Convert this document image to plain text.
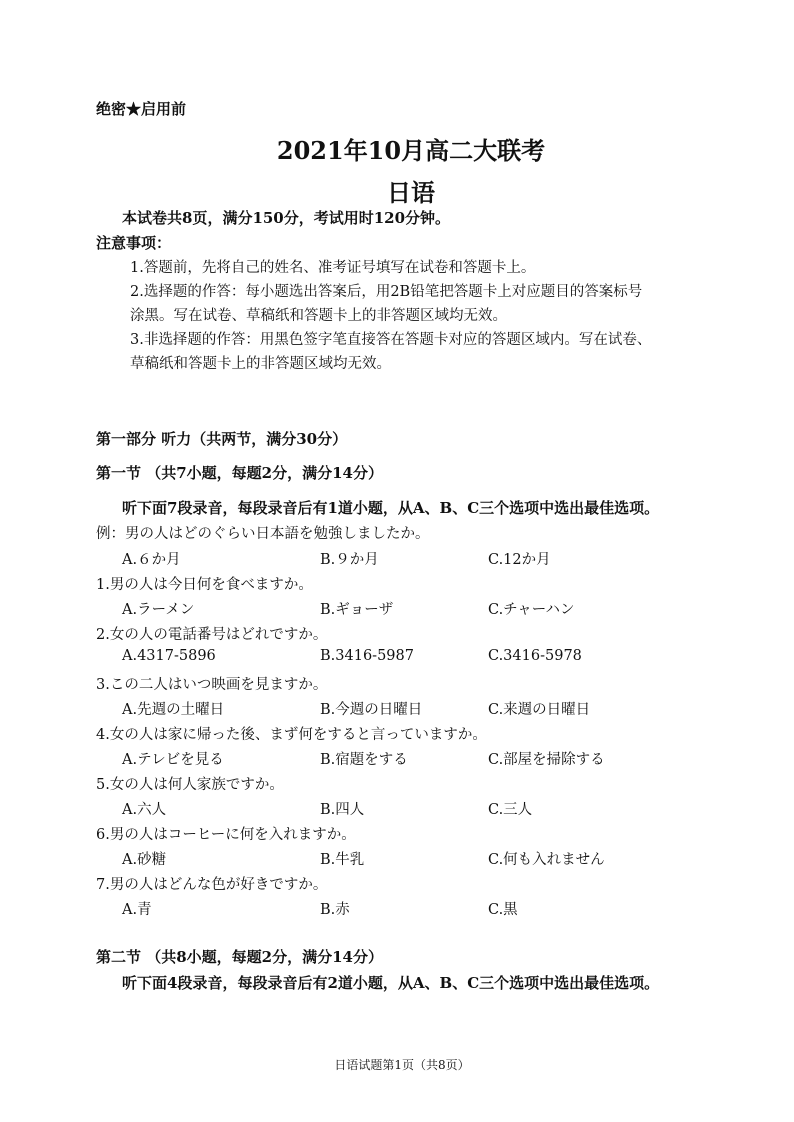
绝密★启用前
2021年10月高二大联考
日语
本试卷共8页，满分150分，考试用时120分钟。
注意事项：
1.答题前，先将自己的姓名、准考证号填写在试卷和答题卡上。
2.选择题的作答：每小题选出答案后，用2B铅笔把答题卡上对应题目的答案标号
涂黑。写在试卷、草稿纸和答题卡上的非答题区域均无效。
3.非选择题的作答：用黑色签字笔直接答在答题卡对应的答题区域内。写在试卷、
草稿纸和答题卡上的非答题区域均无效。
第一部分 听力（共两节，满分30分）
第一节 （共7小题，每题2分，满分14分）
听下面7段录音，每段录音后有1道小题，从A、B、C三个选项中选出最佳选项。
例：男の人はどのぐらい日本語を勉強しましたか。
A.６か月	B.９か月	C.12か月
1.男の人は今日何を食べますか。
A.ラーメン	B.ギョーザ	C.チャーハン
2.女の人の電話番号はどれですか。
A.4317-5896	B.3416-5987	C.3416-5978
3.この二人はいつ映画を見ますか。
A.先週の土曜日	B.今週の日曜日	C.来週の日曜日
4.女の人は家に帰った後、まず何をすると言っていますか。
A.テレビを見る	B.宿題をする	C.部屋を掃除する
5.女の人は何人家族ですか。
A.六人	B.四人	C.三人
6.男の人はコーヒーに何を入れますか。
A.砂糖	B.牛乳	C.何も入れません
7.男の人はどんな色が好きですか。
A.青	B.赤	C.黒
第二节 （共8小题，每题2分，满分14分）
听下面4段录音，每段录音后有2道小题，从A、B、C三个选项中选出最佳选项。
日语试题第1页（共8页）
